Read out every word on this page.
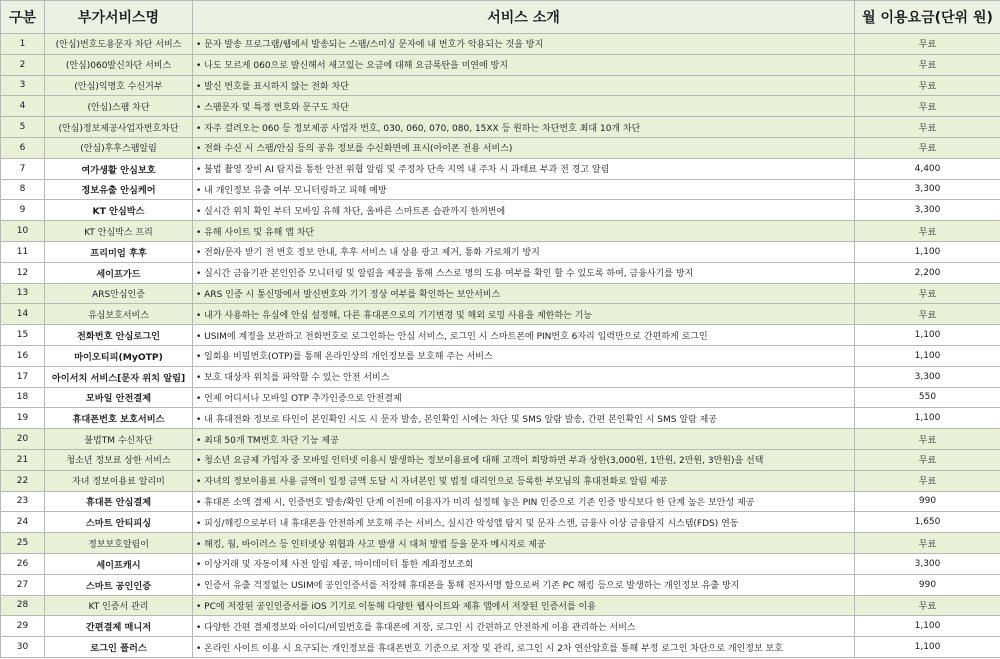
구분	부가서비스명	서비스 소개	월 이용요금(단위 원)
1	(안심)번호도용문자 차단 서비스	• 문자 발송 프로그램/웹에서 발송되는 스팸/스미싱 문자에 내 번호가 악용되는 것을 방지	무료
2	(안심)060발신차단 서비스	• 나도 모르게 060으로 발신해서 새고있는 요금에 대해 요금폭탄을 미연에 방지	무료
3	(안심)익명호 수신거부	• 발신 번호를 표시하지 않는 전화 차단	무료
4	(안심)스팸 차단	• 스팸문자 및 특정 번호와 문구도 차단	무료
5	(안심)정보제공사업자번호차단	• 자주 걸려오는 060 등 정보제공 사업자 번호, 030, 060, 070, 080, 15XX 등 원하는 차단번호 최대 10개 차단	무료
6	(안심)후후스팸알림	• 전화 수신 시 스팸/안심 등의 공유 정보를 수신화면에 표시(아이폰 전용 서비스)	무료
7	여가생활 안심보호	• 불법 촬영 장비 AI 탐지를 통한 안전 위협 알림 및 주정차 단속 지역 내 주차 시 과태료 부과 전 경고 알림	4,400
8	정보유출 안심케어	• 내 개인정보 유출 여부 모니터링하고 피해 예방	3,300
9	KT 안심박스	• 실시간 위치 확인 부터 모바일 유해 차단, 올바른 스마트폰 습관까지 한꺼번에	3,300
10	KT 안심박스 프리	• 유해 사이트 및 유해 앱 차단	무료
11	프리미엄 후후	• 전화/문자 받기 전 번호 정보 안내, 후후 서비스 내 상용 광고 제거, 통화 가로채기 방지	1,100
12	세이프가드	• 실시간 금융기관 본인인증 모니터링 및 알림을 제공을 통해 스스로 명의 도용 여부를 확인 할 수 있도록 하여, 금융사기를 방지	2,200
13	ARS안심인증	• ARS 인증 시 통신망에서 발신번호와 기기 정상 여부를 확인하는 보안서비스	무료
14	유심보호서비스	• 내가 사용하는 유심에 안심 설정해, 다른 휴대폰으로의 기기변경 및 해외 로밍 사용을 제한하는 기능	무료
15	전화번호 안심로그인	• USIM에 계정을 보관하고 전화번호로 로그인하는 안심 서비스, 로그인 시 스마트폰에 PIN번호 6자리 입력만으로 간편하게 로그인	1,100
16	마이오티피(MyOTP)	• 일회용 비밀번호(OTP)를 통해 온라인상의 개인정보를 보호해 주는 서비스	1,100
17	아이서치 서비스[문자 위치 알림]	• 보호 대상자 위치를 파악할 수 있는 안전 서비스	3,300
18	모바일 안전결제	• 언제 어디서나 모바일 OTP 추가인증으로 안전결제	550
19	휴대폰번호 보호서비스	• 내 휴대전화 정보로 타인이 본인확인 시도 시 문자 발송, 본인확인 시에는 차단 및 SMS 알람 발송, 간편 본인확인 시 SMS 알람 제공	1,100
20	불법TM 수신차단	• 최대 50개 TM번호 차단 기능 제공	무료
21	청소년 정보료 상한 서비스	• 청소년 요금제 가입자 중 모바일 인터넷 이용시 발생하는 정보이용료에 대해 고객이 희망하면 부과 상한(3,000원, 1만원, 2만원, 3만원)을 선택	무료
22	자녀 정보이용료 알리미	• 자녀의 정보이용료 사용 금액이 일정 금액 도달 시 자녀본인 및 법정 대리인으로 등록한 부모님의 휴대전화로 알림 제공	무료
23	휴대폰 안심결제	• 휴대폰 소액 결제 시, 인증번호 발송/확인 단계 이전에 이용자가 미리 설정해 놓은 PIN 인증으로 기존 인증 방식보다 한 단계 높은 보안성 제공	990
24	스마트 안티피싱	• 피싱/해킹으로부터 내 휴대폰을 안전하게 보호해 주는 서비스, 실시간 악성앱 탐지 및 문자 스캔, 금융사 이상 금융탐지 시스템(FDS) 연동	1,650
25	정보보호알림이	• 해킹, 웜, 바이러스 등 인터넷상 위협과 사고 발생 시 대처 방법 등을 문자 메시지로 제공	무료
26	세이프캐시	• 이상거래 및 자동이체 사전 알림 제공, 마이데이터 통한 계좌정보조회	3,300
27	스마트 공인인증	• 인증서 유출 걱정없는 USIM에 공인인증서를 저장해 휴대폰을 통해 전자서명 함으로써 기존 PC 해킹 등으로 발생하는 개인정보 유출 방지	990
28	KT 인증서 관리	• PC에 저장된 공인인증서를 iOS 기기로 이동해 다양한 웹사이트와 제휴 앱에서 저장된 인증서를 이용	무료
29	간편결제 매니저	• 다양한 간편 결제정보와 아이디/비밀번호를 휴대폰에 저장, 로그인 시 간편하고 안전하게 이용 관리하는 서비스	1,100
30	로그인 플러스	• 온라인 사이트 이용 시 요구되는 개인정보를 휴대폰번호 기준으로 저장 및 관리, 로그인 시 2차 연산암호를 통해 부정 로그인 차단으로 개인정보 보호	1,100
